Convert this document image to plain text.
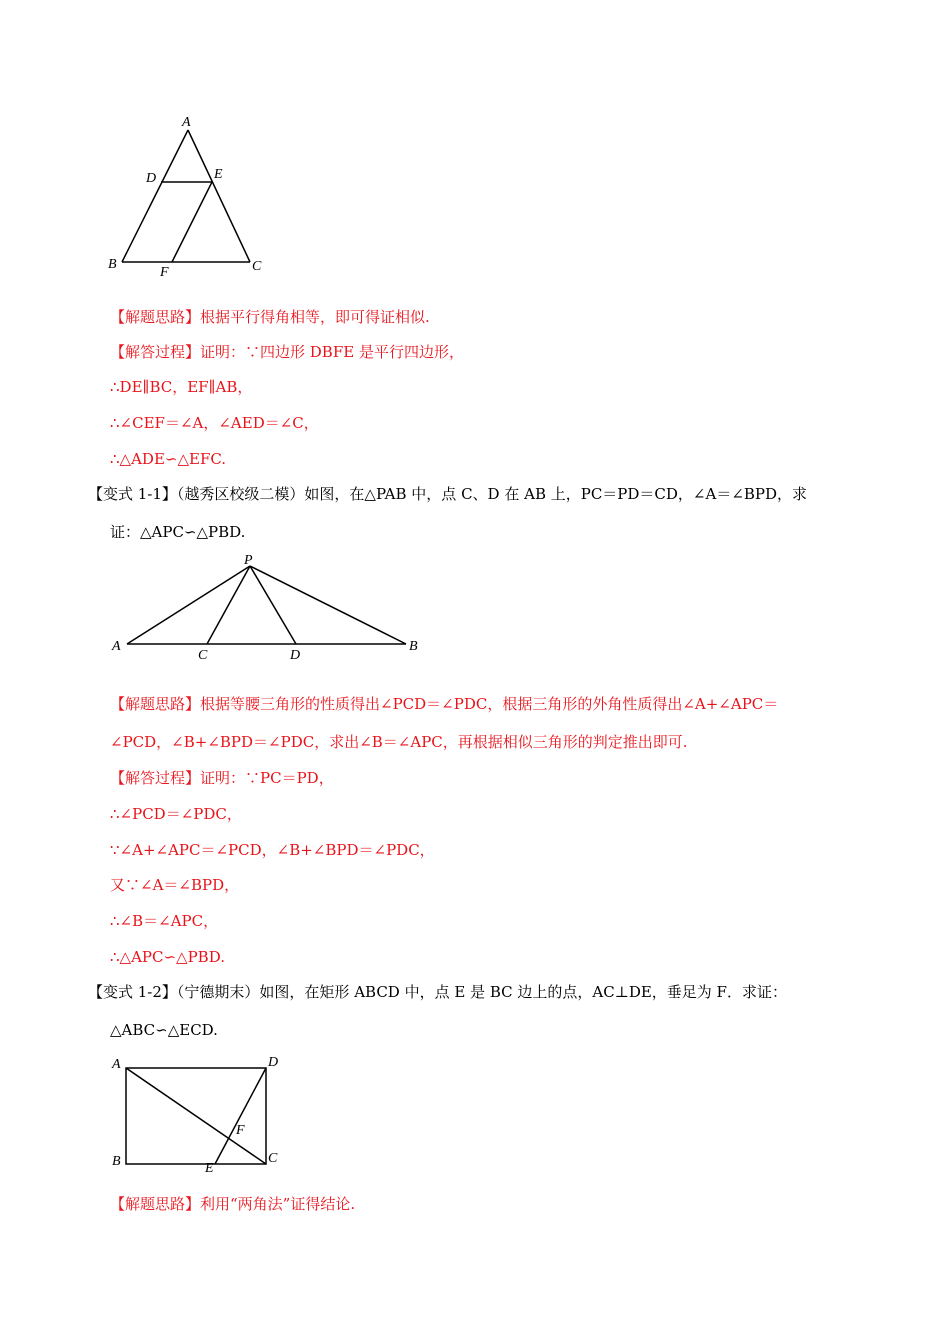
A
D	E
B
F	C
【解题思路】根据平行得角相等，即可得证相似.
【解答过程】证明：∵四边形 DBFE 是平行四边形，
∴DE∥BC，EF∥AB，
∴∠CEF＝∠A，∠AED＝∠C，
∴△ADE∽△EFC.
【变式 1-1】（越秀区校级二模）如图，在△PAB 中，点 C、D 在 AB 上，PC＝PD＝CD，∠A＝∠BPD，求
证：△APC∽△PBD.
P
A
C	D
B
【解题思路】根据等腰三角形的性质得出∠PCD＝∠PDC，根据三角形的外角性质得出∠A+∠APC＝
∠PCD，∠B+∠BPD＝∠PDC，求出∠B＝∠APC，再根据相似三角形的判定推出即可.
【解答过程】证明：∵PC＝PD，
∴∠PCD＝∠PDC，
∵∠A+∠APC＝∠PCD，∠B+∠BPD＝∠PDC，
又∵∠A＝∠BPD，
∴∠B＝∠APC，
∴△APC∽△PBD.
【变式 1-2】（宁德期末）如图，在矩形 ABCD 中，点 E 是 BC 边上的点，AC⊥DE，垂足为 F．求证：
△ABC∽△ECD.
A	D
F
B	E
C
【解题思路】利用“两角法”证得结论.
